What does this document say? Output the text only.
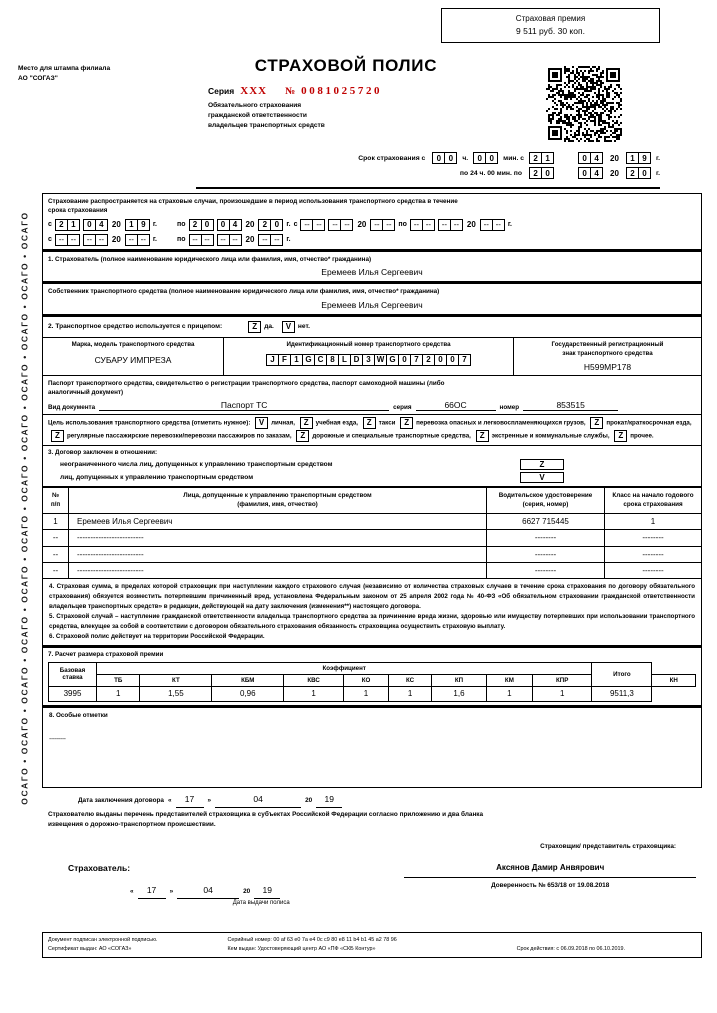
ОСАГО • ОСАГО • ОСАГО • ОСАГО • ОСАГО • ОСАГО • ОСАГО • ОСАГО • ОСАГО • ОСАГО • ОСАГО • ОСАГО
Страховая премия
9 511 руб. 30 коп.
Место для штампа филиала
АО "СОГАЗ"
СТРАХОВОЙ ПОЛИС
Серия XXX № 0081025720
Обязательного страхования
гражданской ответственности
владельцев транспортных средств
Срок страхования с	0 0	ч.	0 0	мин. с	2 1	0 4	20	1 9	г.
по 24 ч. 00 мин. по	2 0	0 4	20	2 0	г.
Страхование распространяется на страховые случаи, произошедшие в период использования транспортного средства в течение
срока страхования
с 2 1	0 4	20	1 9	г.	по 2 0	0 4	20	2 0	г. с -- --	-- -- 20 -- -- по -- --	-- -- 20 -- -- г.
с -- --	-- -- 20 -- -- г.	по -- --	-- -- 20 -- -- г.
1. Страхователь (полное наименование юридического лица или фамилия, имя, отчество* гражданина)
Еремеев Илья Сергеевич
Собственник транспортного средства (полное наименование юридического лица или фамилия, имя, отчество* гражданина)
Еремеев Илья Сергеевич
2. Транспортное средство используется с прицепом:	Z	да.	V	нет.
Марка, модель транспортного средства
СУБАРУ ИМПРЕЗА
Идентификационный номер транспортного средства
J F 1 G C 8 L D 3 W G 0 7 2 0 0 7
Государственный регистрационный
знак транспортного средства
Н599МР178
Паспорт транспортного средства, свидетельство о регистрации транспортного средства, паспорт самоходной машины (либо
аналогичный документ)
Вид документа	Паспорт ТС	серия	66ОС	номер	853515
Цель использования транспортного средства (отметить нужное): V личная, Z учебная езда, Z такси Z перевозка опасных и легковоспламеняющихся грузов, Z прокат/краткосрочная езда, Z регулярные пассажирские перевозки/перевозки пассажиров по заказам, Z дорожные и специальные транспортные средства, Z экстренные и коммунальные службы, Z прочее.
3. Договор заключен в отношении:
неограниченного числа лиц, допущенных к управлению транспортным средством	Z
лиц, допущенных к управлению транспортным средством	V
№
п/п

Лица, допущенные к управлению транспортным средством
(фамилия, имя, отчество)

Водительское удостоверение
(серия, номер)

Класс на начало годового
срока страхования

1	Еремеев Илья Сергеевич	6627 715445	1
--	-------------------------	--------	--------
--	-------------------------	--------	--------
--	-------------------------	--------	--------
4. Страховая сумма, в пределах которой страховщик при наступлении каждого страхового случая (независимо от количества страховых случаев в течение срока страхования по договору обязательного страхования) обязуется возместить потерпевшим причиненный вред, установлена Федеральным законом от 25 апреля 2002 года № 40-ФЗ «Об обязательном страховании гражданской ответственности владельцев транспортных средств» в редакции, действующей на дату заключения (изменения**) настоящего договора.
5. Страховой случай – наступление гражданской ответственности владельца транспортного средства за причинение вреда жизни, здоровью или имуществу потерпевших при использовании транспортного средства, влекущее за собой в соответствии с договором обязательного страхования обязанность страховщика осуществить страховую выплату.
6. Страховой полис действует на территории Российской Федерации.
7. Расчет размера страховой премии
Базовая
ставка	Коэффициент									Итого	
	ТБ	КТ	КБМ	КВС	КО	КС	КП	КМ	КПР		КН
3995	1	1,55	0,96	1	1	1	1,6	1	1	9511,3	
8. Особые отметки
---------
Дата заключения договора «	17	»	04	20	19
Страхователю выданы перечень представителей страховщика в субъектах Российской Федерации согласно приложению и два бланка
извещения о дорожно-транспортном происшествии.
Страховщик/ представитель страховщика:
Страхователь:
«	17	»	04	20	19
Дата выдачи полиса
Аксянов Дамир Анвярович
Доверенность № 653/18 от 19.08.2018
Документ подписан электронной подписью.
Сертификат выдан: АО «СОГАЗ»
Серийный номер: 00 af 63 e0 7a e4 0c c9 80 e8 11 b4 b1 45 a2 78 96
Кем выдан: Удостоверяющий центр АО «ПФ «СКБ Контур»	Срок действия: с 06.09.2018 по 06.10.2019.
